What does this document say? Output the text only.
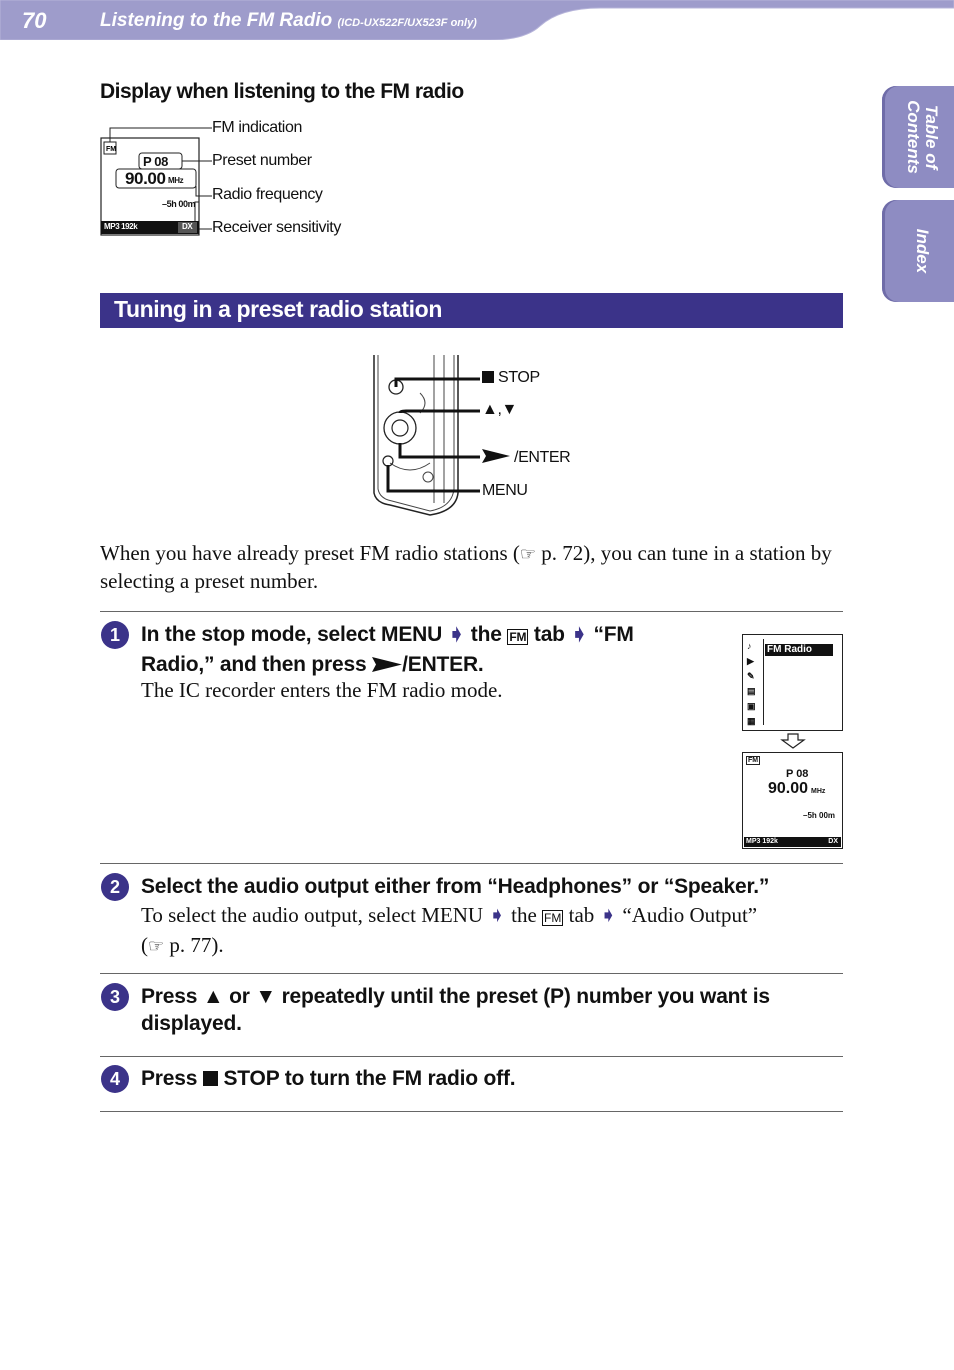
70	Listening to the FM Radio (ICD-UX522F/UX523F only)
Table of Contents
Index
Display when listening to the FM radio
FM
P 08
90.00 MHz
–5h 00m
MP3 192k	DX
FM indication
Preset number
Radio frequency
Receiver sensitivity
Tuning in a preset radio station
STOP
▲,▼
/ENTER
MENU
When you have already preset FM radio stations (☞ p. 72), you can tune in a station by selecting a preset number.
1	In the stop mode, select MENU ➧ the FM tab ➧ “FM
Radio,” and then press /ENTER.
The IC recorder enters the FM radio mode.
♪
▶
✎
▤
▣
▦
FM Radio
FM
P 08
90.00 MHz
–5h 00m
MP3 192k	DX
2	Select the audio output either from “Headphones” or “Speaker.”
To select the audio output, select MENU ➧ the FM tab ➧ “Audio Output”
(☞ p. 77).
3	Press ▲ or ▼ repeatedly until the preset (P) number you want is
displayed.
4	Press STOP to turn the FM radio off.
